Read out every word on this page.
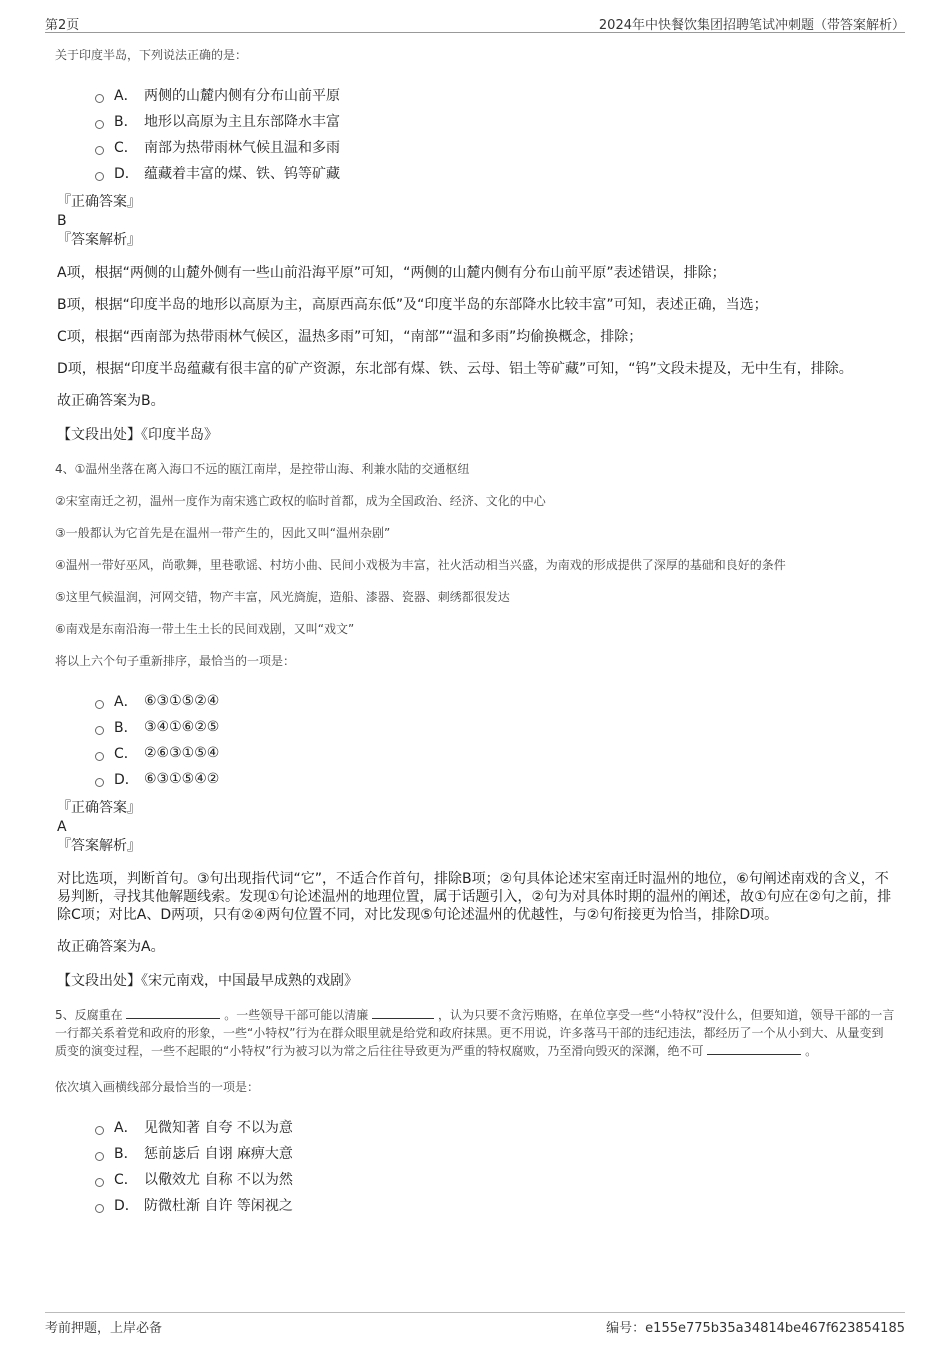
第2页	2024年中快餐饮集团招聘笔试冲刺题（带答案解析）
关于印度半岛，下列说法正确的是：
A． 两侧的山麓内侧有分布山前平原
B． 地形以高原为主且东部降水丰富
C． 南部为热带雨林气候且温和多雨
D． 蕴藏着丰富的煤、铁、钨等矿藏
『正确答案』
B
『答案解析』
A项，根据“两侧的山麓外侧有一些山前沿海平原”可知，“两侧的山麓内侧有分布山前平原”表述错误，排除；
B项，根据“印度半岛的地形以高原为主，高原西高东低”及“印度半岛的东部降水比较丰富”可知，表述正确，当选；
C项，根据“西南部为热带雨林气候区，温热多雨”可知，“南部”“温和多雨”均偷换概念，排除；
D项，根据“印度半岛蕴藏有很丰富的矿产资源，东北部有煤、铁、云母、铝土等矿藏”可知，“钨”文段未提及，无中生有，排除。
故正确答案为B。
【文段出处】《印度半岛》
4、①温州坐落在离入海口不远的瓯江南岸，是控带山海、利兼水陆的交通枢纽
②宋室南迁之初，温州一度作为南宋逃亡政权的临时首都，成为全国政治、经济、文化的中心
③一般都认为它首先是在温州一带产生的，因此又叫“温州杂剧”
④温州一带好巫风，尚歌舞，里巷歌谣、村坊小曲、民间小戏极为丰富，社火活动相当兴盛，为南戏的形成提供了深厚的基础和良好的条件
⑤这里气候温润，河网交错，物产丰富，风光旖旎，造船、漆器、瓷器、刺绣都很发达
⑥南戏是东南沿海一带土生土长的民间戏剧，又叫“戏文”
将以上六个句子重新排序，最恰当的一项是：
A． ⑥③①⑤②④
B． ③④①⑥②⑤
C． ②⑥③①⑤④
D． ⑥③①⑤④②
『正确答案』
A
『答案解析』
对比选项，判断首句。③句出现指代词“它”，不适合作首句，排除B项；②句具体论述宋室南迁时温州的地位，⑥句阐述南戏的含义，不易判断，寻找其他解题线索。发现①句论述温州的地理位置，属于话题引入，②句为对具体时期的温州的阐述，故①句应在②句之前，排除C项；对比A、D两项，只有②④两句位置不同，对比发现⑤句论述温州的优越性，与②句衔接更为恰当，排除D项。
故正确答案为A。
【文段出处】《宋元南戏，中国最早成熟的戏剧》
5、反腐重在	。一些领导干部可能以清廉	，认为只要不贪污贿赂，在单位享受一些“小特权”没什么，但要知道，领导干部的一言一行都关系着党和政府的形象，一些“小特权”行为在群众眼里就是给党和政府抹黑。更不用说，许多落马干部的违纪违法，都经历了一个从小到大、从量变到质变的演变过程，一些不起眼的“小特权”行为被习以为常之后往往导致更为严重的特权腐败，乃至滑向毁灭的深渊，绝不可	。
依次填入画横线部分最恰当的一项是：
A． 见微知著 自夸 不以为意
B． 惩前毖后 自诩 麻痹大意
C． 以儆效尤 自称 不以为然
D． 防微杜渐 自许 等闲视之
考前押题，上岸必备	编号：e155e775b35a34814be467f623854185
